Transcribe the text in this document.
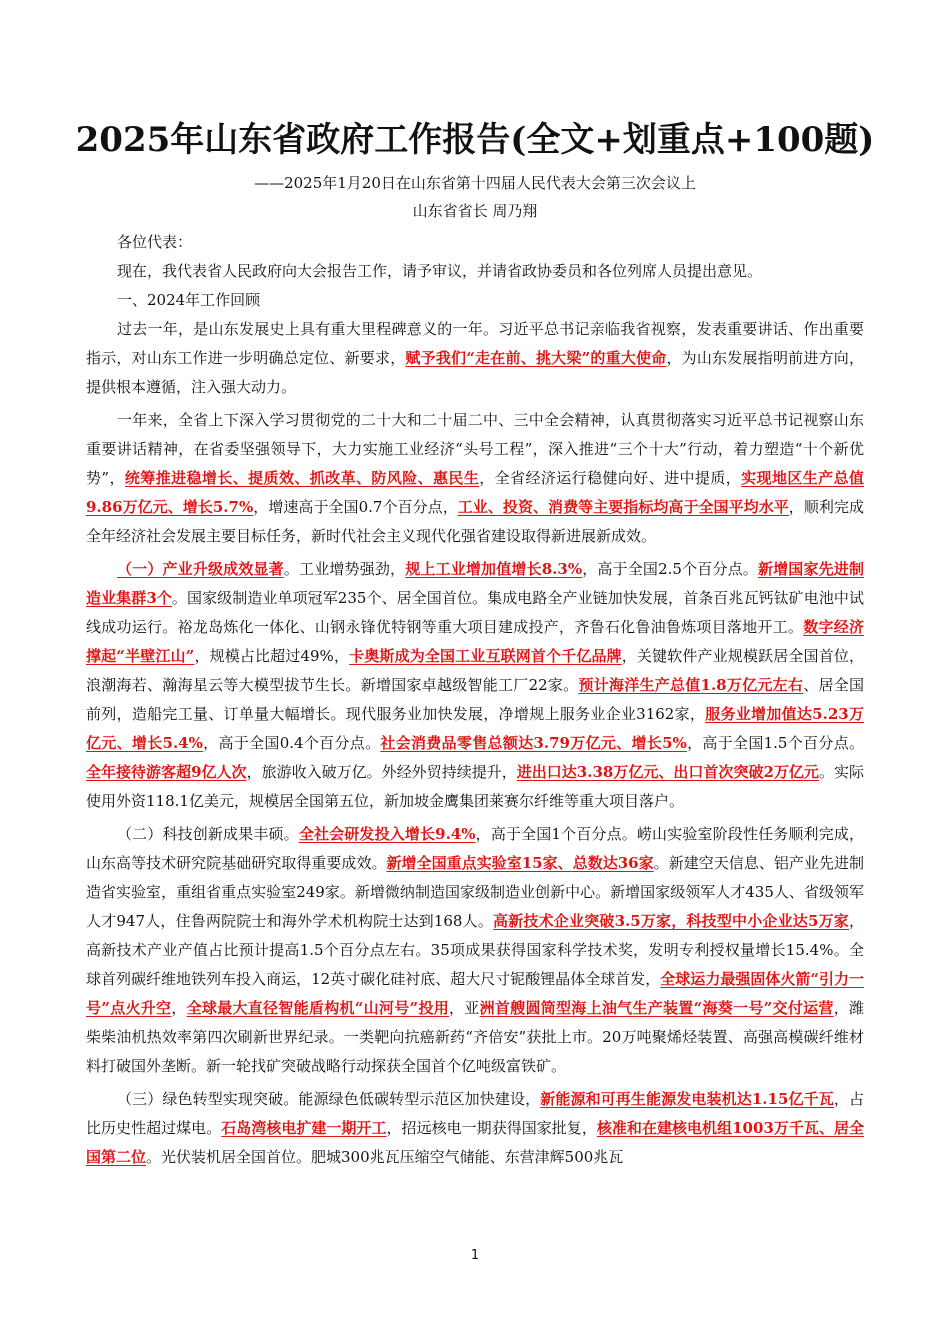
2025年山东省政府工作报告(全文+划重点+100题)
——2025年1月20日在山东省第十四届人民代表大会第三次会议上
山东省省长 周乃翔

各位代表：

现在，我代表省人民政府向大会报告工作，请予审议，并请省政协委员和各位列席人员提出意见。

一、2024年工作回顾

过去一年，是山东发展史上具有重大里程碑意义的一年。习近平总书记亲临我省视察，发表重要讲话、作出重要指示，对山东工作进一步明确总定位、新要求，赋予我们“走在前、挑大梁”的重大使命，为山东发展指明前进方向，提供根本遵循，注入强大动力。

一年来，全省上下深入学习贯彻党的二十大和二十届二中、三中全会精神，认真贯彻落实习近平总书记视察山东重要讲话精神，在省委坚强领导下，大力实施工业经济“头号工程”，深入推进“三个十大”行动，着力塑造“十个新优势”，统筹推进稳增长、提质效、抓改革、防风险、惠民生，全省经济运行稳健向好、进中提质，实现地区生产总值9.86万亿元、增长5.7%，增速高于全国0.7个百分点，工业、投资、消费等主要指标均高于全国平均水平，顺利完成全年经济社会发展主要目标任务，新时代社会主义现代化强省建设取得新进展新成效。

（一）产业升级成效显著。工业增势强劲，规上工业增加值增长8.3%，高于全国2.5个百分点。新增国家先进制造业集群3个。国家级制造业单项冠军235个、居全国首位。集成电路全产业链加快发展，首条百兆瓦钙钛矿电池中试线成功运行。裕龙岛炼化一体化、山钢永锋优特钢等重大项目建成投产，齐鲁石化鲁油鲁炼项目落地开工。数字经济撑起“半壁江山”，规模占比超过49%，卡奥斯成为全国工业互联网首个千亿品牌，关键软件产业规模跃居全国首位，浪潮海若、瀚海星云等大模型拔节生长。新增国家卓越级智能工厂22家。预计海洋生产总值1.8万亿元左右、居全国前列，造船完工量、订单量大幅增长。现代服务业加快发展，净增规上服务业企业3162家，服务业增加值达5.23万亿元、增长5.4%，高于全国0.4个百分点。社会消费品零售总额达3.79万亿元、增长5%，高于全国1.5个百分点。全年接待游客超9亿人次，旅游收入破万亿。外经外贸持续提升，进出口达3.38万亿元、出口首次突破2万亿元。实际使用外资118.1亿美元，规模居全国第五位，新加坡金鹰集团莱赛尔纤维等重大项目落户。

（二）科技创新成果丰硕。全社会研发投入增长9.4%，高于全国1个百分点。崂山实验室阶段性任务顺利完成，山东高等技术研究院基础研究取得重要成效。新增全国重点实验室15家、总数达36家。新建空天信息、铝产业先进制造省实验室，重组省重点实验室249家。新增微纳制造国家级制造业创新中心。新增国家级领军人才435人、省级领军人才947人，住鲁两院院士和海外学术机构院士达到168人。高新技术企业突破3.5万家，科技型中小企业达5万家，高新技术产业产值占比预计提高1.5个百分点左右。35项成果获得国家科学技术奖，发明专利授权量增长15.4%。全球首列碳纤维地铁列车投入商运，12英寸碳化硅衬底、超大尺寸铌酸锂晶体全球首发，全球运力最强固体火箭“引力一号”点火升空，全球最大直径智能盾构机“山河号”投用，亚洲首艘圆筒型海上油气生产装置“海葵一号”交付运营，潍柴柴油机热效率第四次刷新世界纪录。一类靶向抗癌新药“齐倍安”获批上市。20万吨聚烯烃装置、高强高模碳纤维材料打破国外垄断。新一轮找矿突破战略行动探获全国首个亿吨级富铁矿。

（三）绿色转型实现突破。能源绿色低碳转型示范区加快建设，新能源和可再生能源发电装机达1.15亿千瓦，占比历史性超过煤电。石岛湾核电扩建一期开工，招远核电一期获得国家批复，核准和在建核电机组1003万千瓦、居全国第二位。光伏装机居全国首位。肥城300兆瓦压缩空气储能、东营津辉500兆瓦

1
